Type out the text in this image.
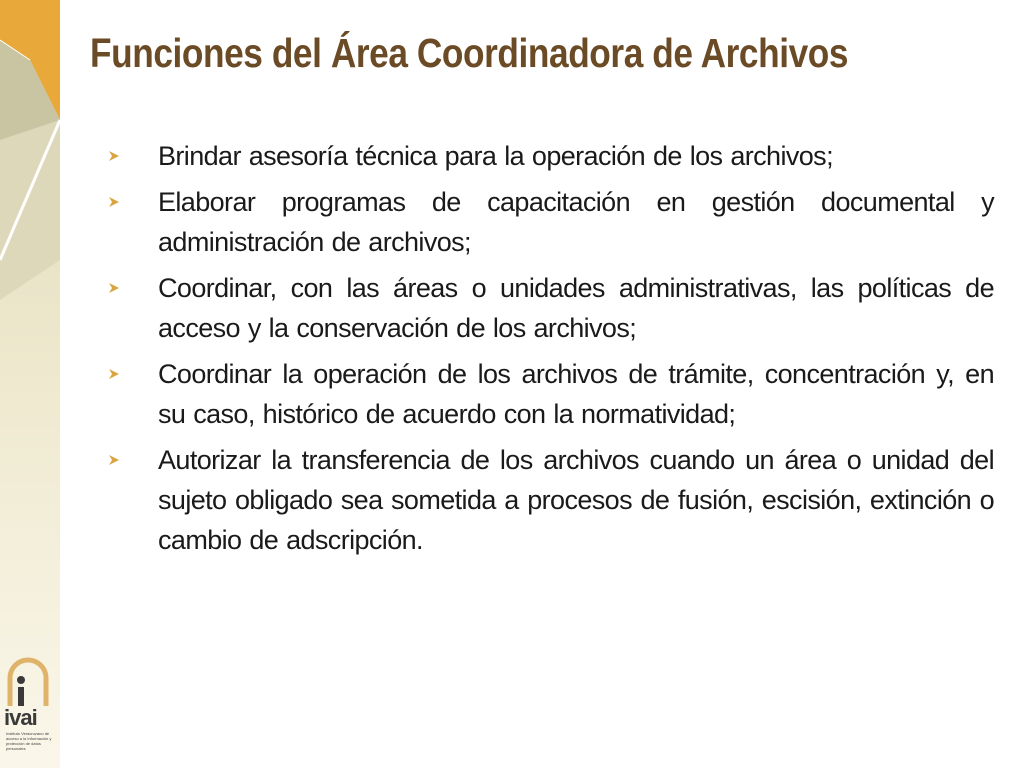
Funciones del Área Coordinadora de Archivos
Brindar asesoría técnica para la operación de los archivos;
Elaborar programas de capacitación en gestión documental y administración de archivos;
Coordinar, con las áreas o unidades administrativas, las políticas de acceso y la conservación de los archivos;
Coordinar la operación de los archivos de trámite, concentración y, en su caso, histórico de acuerdo con la normatividad;
Autorizar la transferencia de los archivos cuando un área o unidad del sujeto obligado sea sometida a procesos de fusión, escisión, extinción o cambio de adscripción.
ivai
Instituto Veracruzano de acceso a la Información y protección de datos personales
